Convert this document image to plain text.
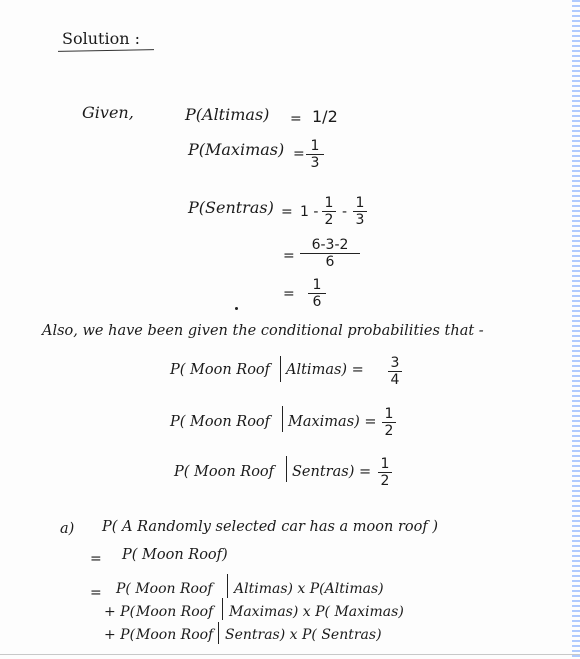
Solution :
Given,	P(Altimas) = 1/2
P(Maximas) = 1
3
P(Sentras) = 1 -
1
2 -
1
3
=
6-3-2
6
=
1
6
Also, we have been given the conditional probabilities that -
P( Moon Roof Altimas) = 3
4
P( Moon Roof Maximas) = 1
2
P( Moon Roof Sentras) = 1
2
a) P( A Randomly selected car has a moon roof )
= P( Moon Roof)
= P( Moon Roof Altimas) x P(Altimas)
+ P( Moon Roof Maximas) x P( Maximas)
+ P( Moon Roof Sentras) x P( Sentras)
